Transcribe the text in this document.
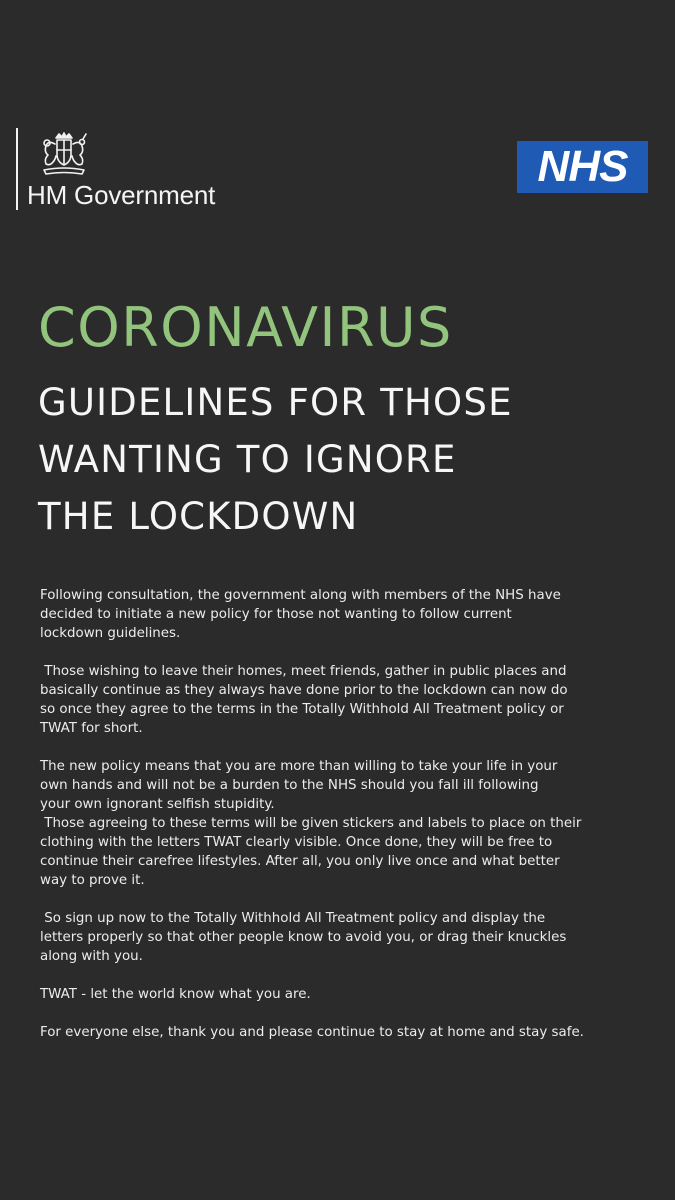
HM Government
NHS
CORONAVIRUS
GUIDELINES FOR THOSE
WANTING TO IGNORE
THE LOCKDOWN
Following consultation, the government along with members of the NHS have
decided to initiate a new policy for those not wanting to follow current
lockdown guidelines.
Those wishing to leave their homes, meet friends, gather in public places and
basically continue as they always have done prior to the lockdown can now do
so once they agree to the terms in the Totally Withhold All Treatment policy or
TWAT for short.
The new policy means that you are more than willing to take your life in your
own hands and will not be a burden to the NHS should you fall ill following
your own ignorant selfish stupidity.
Those agreeing to these terms will be given stickers and labels to place on their
clothing with the letters TWAT clearly visible. Once done, they will be free to
continue their carefree lifestyles. After all, you only live once and what better
way to prove it.
So sign up now to the Totally Withhold All Treatment policy and display the
letters properly so that other people know to avoid you, or drag their knuckles
along with you.
TWAT - let the world know what you are.
For everyone else, thank you and please continue to stay at home and stay safe.
